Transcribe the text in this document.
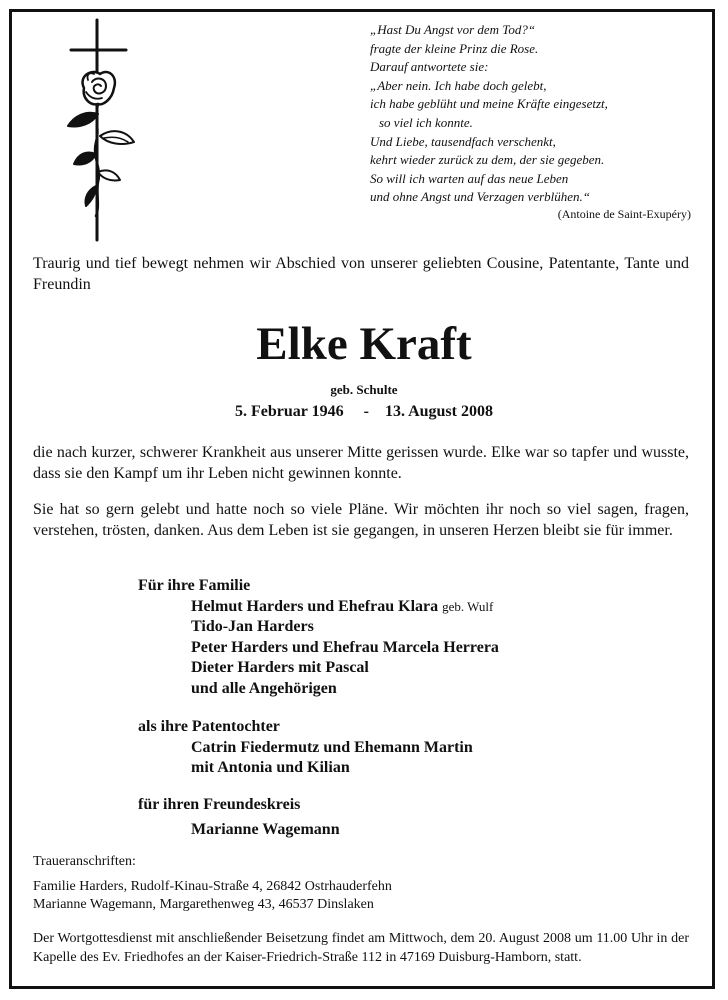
„Hast Du Angst vor dem Tod?“
fragte der kleine Prinz die Rose.
Darauf antwortete sie:
„Aber nein. Ich habe doch gelebt,
ich habe geblüht und meine Kräfte eingesetzt,
so viel ich konnte.
Und Liebe, tausendfach verschenkt,
kehrt wieder zurück zu dem, der sie gegeben.
So will ich warten auf das neue Leben
und ohne Angst und Verzagen verblühen.“
(Antoine de Saint-Exupéry)
Traurig und tief bewegt nehmen wir Abschied von unserer geliebten Cousine, Patentante, Tante und Freundin
Elke Kraft
geb. Schulte
5. Februar 1946     -    13. August 2008
die nach kurzer, schwerer Krankheit aus unserer Mitte gerissen wurde. Elke war so tapfer und wusste, dass sie den Kampf um ihr Leben nicht gewinnen konnte.
Sie hat so gern gelebt und hatte noch so viele Pläne. Wir möchten ihr noch so viel sagen, fragen, verstehen, trösten, danken. Aus dem Leben ist sie gegangen, in unseren Herzen bleibt sie für immer.
Für ihre Familie
Helmut Harders und Ehefrau Klara geb. Wulf
Tido-Jan Harders
Peter Harders und Ehefrau Marcela Herrera
Dieter Harders mit Pascal
und alle Angehörigen
als ihre Patentochter
Catrin Fiedermutz und Ehemann Martin
mit Antonia und Kilian
für ihren Freundeskreis
Marianne Wagemann
Traueranschriften:
Familie Harders, Rudolf-Kinau-Straße 4, 26842 Ostrhauderfehn
Marianne Wagemann, Margarethenweg 43, 46537 Dinslaken
Der Wortgottesdienst mit anschließender Beisetzung findet am Mittwoch, dem 20. August 2008 um 11.00 Uhr in der Kapelle des Ev. Friedhofes an der Kaiser-Friedrich-Straße 112 in 47169 Duisburg-Hamborn, statt.
